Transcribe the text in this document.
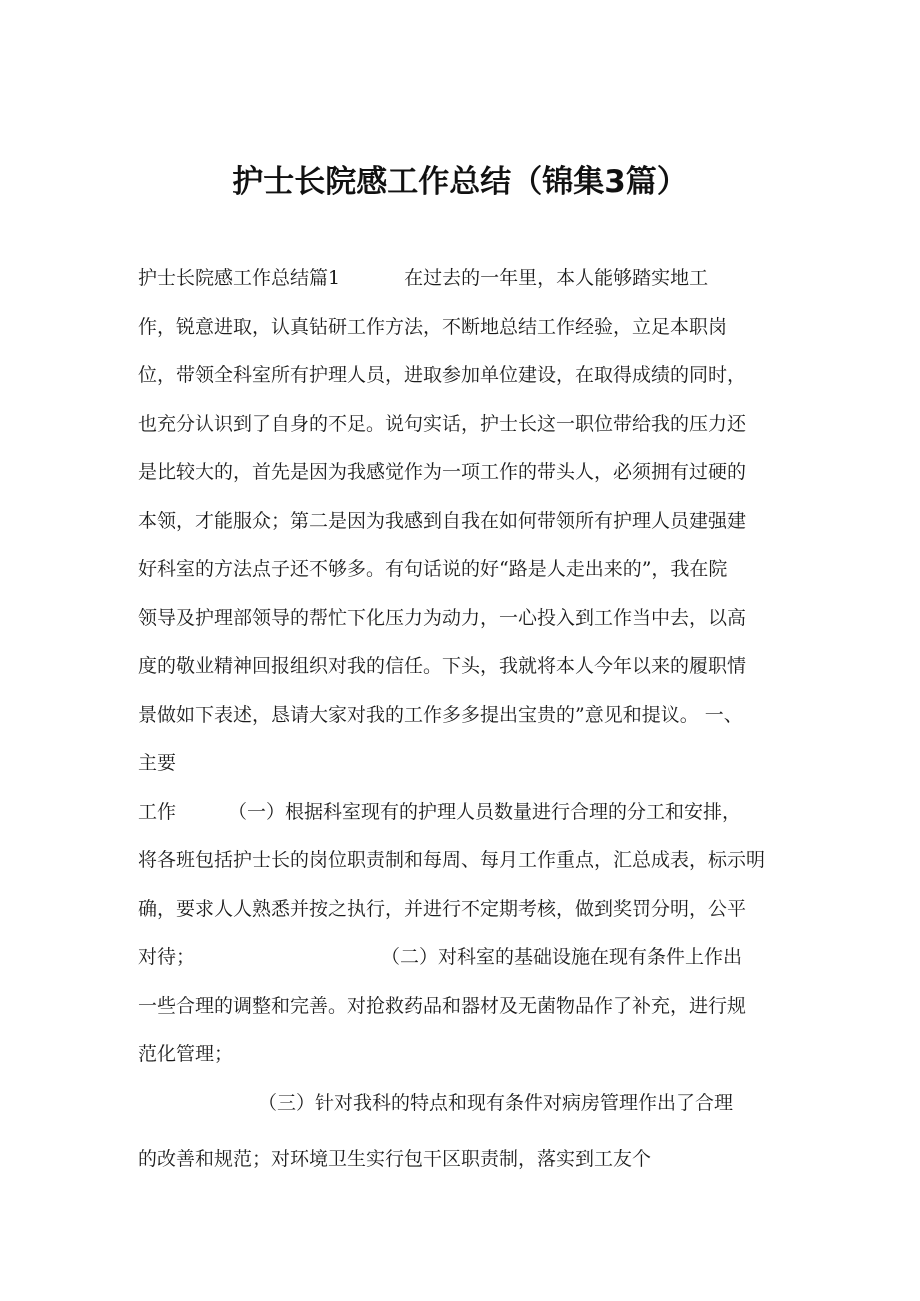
护士长院感工作总结（锦集3篇）
护士长院感工作总结篇1	在过去的一年里，本人能够踏实地工
作，锐意进取，认真钻研工作方法，不断地总结工作经验，立足本职岗
位，带领全科室所有护理人员，进取参加单位建设，在取得成绩的同时，
也充分认识到了自身的不足。说句实话，护士长这一职位带给我的压力还
是比较大的，首先是因为我感觉作为一项工作的带头人，必须拥有过硬的
本领，才能服众；第二是因为我感到自我在如何带领所有护理人员建强建
好科室的方法点子还不够多。有句话说的好“路是人走出来的”，我在院
领导及护理部领导的帮忙下化压力为动力，一心投入到工作当中去，以高
度的敬业精神回报组织对我的信任。下头，我就将本人今年以来的履职情
景做如下表述，恳请大家对我的工作多多提出宝贵的”意见和提议。 一、
主要
工作	（一）根据科室现有的护理人员数量进行合理的分工和安排，
将各班包括护士长的岗位职责制和每周、每月工作重点，汇总成表，标示明
确，要求人人熟悉并按之执行，并进行不定期考核，做到奖罚分明，公平
对待；	（二）对科室的基础设施在现有条件上作出
一些合理的调整和完善。对抢救药品和器材及无菌物品作了补充，进行规
范化管理；
（三）针对我科的特点和现有条件对病房管理作出了合理
的改善和规范；对环境卫生实行包干区职责制，落实到工友个
